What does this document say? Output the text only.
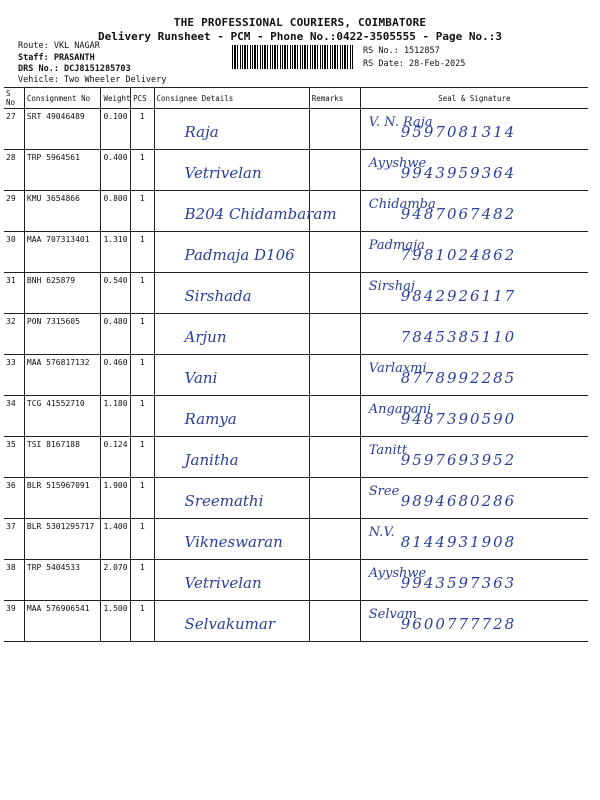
THE PROFESSIONAL COURIERS, COIMBATORE
Delivery Runsheet - PCM - Phone No.:0422-3505555 - Page No.:3
Route: VKL NAGAR
Staff: PRASANTH
DRS No.: DCJ8151285703
Vehicle: Two Wheeler Delivery
RS No.: 1512857
RS Date: 28-Feb-2025
S No	Consignment No	Weight	PCS	Consignee Details	Remarks	Seal & Signature
27	SRT 49046489	0.100	1	Raja		V. N. Raja
9597081314

28	TRP 5964561	0.400	1	Vetrivelan		Ayyshwe
9943959364

29	KMU 3654866	0.800	1	B204 Chidambaram		Chidamba
9487067482

30	MAA 707313401	1.310	1	Padmaja D106		Padmaja
7981024862

31	BNH 625879	0.540	1	Sirshada		Sirshaj
9842926117

32	PON 7315605	0.480	1	Arjun		7845385110

33	MAA 576817132	0.460	1	Vani		Varlaxmi
8778992285

34	TCG 41552710	1.180	1	Ramya		Angapani
9487390590

35	TSI 8167188	0.124	1	Janitha		Tanitt
9597693952

36	BLR 515967091	1.900	1	Sreemathi		Sree
9894680286

37	BLR 5301295717	1.400	1	Vikneswaran		N.V.
8144931908

38	TRP 5404533	2.070	1	Vetrivelan		Ayyshwe
9943597363

39	MAA 576906541	1.500	1	Selvakumar		Selvam
9600777728
